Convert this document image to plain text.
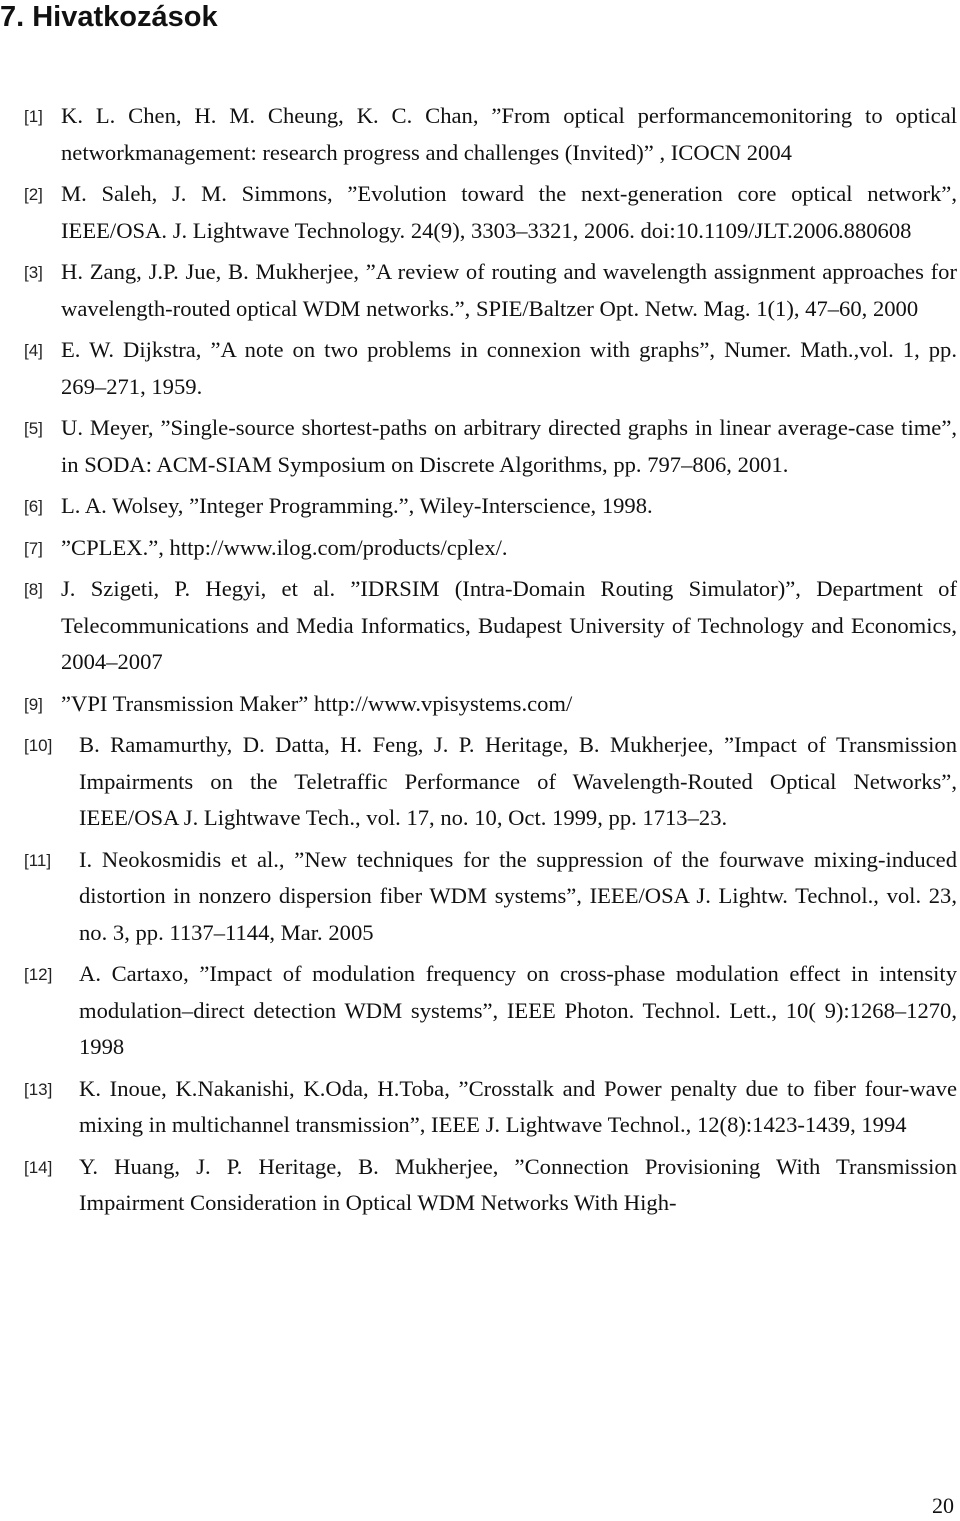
7. Hivatkozások
[1] K. L. Chen, H. M. Cheung, K. C. Chan, ”From optical performancemonitoring to optical networkmanagement: research progress and challenges (Invited)” , ICOCN 2004
[2] M. Saleh, J. M. Simmons, ”Evolution toward the next-generation core optical network”, IEEE/OSA. J. Lightwave Technology. 24(9), 3303–3321, 2006. doi:10.1109/JLT.2006.880608
[3] H. Zang, J.P. Jue, B. Mukherjee, ”A review of routing and wavelength assignment approaches for wavelength-routed optical WDM networks.”, SPIE/Baltzer Opt. Netw. Mag. 1(1), 47–60, 2000
[4] E. W. Dijkstra, ”A note on two problems in connexion with graphs”, Numer. Math.,vol. 1, pp. 269–271, 1959.
[5] U. Meyer, ”Single-source shortest-paths on arbitrary directed graphs in linear average-case time”, in SODA: ACM-SIAM Symposium on Discrete Algorithms, pp. 797–806, 2001.
[6] L. A. Wolsey, ”Integer Programming.”, Wiley-Interscience, 1998.
[7] ”CPLEX.”, http://www.ilog.com/products/cplex/.
[8] J. Szigeti, P. Hegyi, et al. ”IDRSIM (Intra-Domain Routing Simulator)”, Department of Telecommunications and Media Informatics, Budapest University of Technology and Economics, 2004–2007
[9] ”VPI Transmission Maker” http://www.vpisystems.com/
[10] B. Ramamurthy, D. Datta, H. Feng, J. P. Heritage, B. Mukherjee, ”Impact of Transmission Impairments on the Teletraffic Performance of Wavelength-Routed Optical Networks”, IEEE/OSA J. Lightwave Tech., vol. 17, no. 10, Oct. 1999, pp. 1713–23.
[11] I. Neokosmidis et al., ”New techniques for the suppression of the fourwave mixing-induced distortion in nonzero dispersion fiber WDM systems”, IEEE/OSA J. Lightw. Technol., vol. 23, no. 3, pp. 1137–1144, Mar. 2005
[12] A. Cartaxo, ”Impact of modulation frequency on cross-phase modulation effect in intensity modulation–direct detection WDM systems”, IEEE Photon. Technol. Lett., 10( 9):1268–1270, 1998
[13] K. Inoue, K.Nakanishi, K.Oda, H.Toba, ”Crosstalk and Power penalty due to fiber four-wave mixing in multichannel transmission”, IEEE J. Lightwave Technol., 12(8):1423-1439, 1994
[14] Y. Huang, J. P. Heritage, B. Mukherjee, ”Connection Provisioning With Transmission Impairment Consideration in Optical WDM Networks With High-
20
